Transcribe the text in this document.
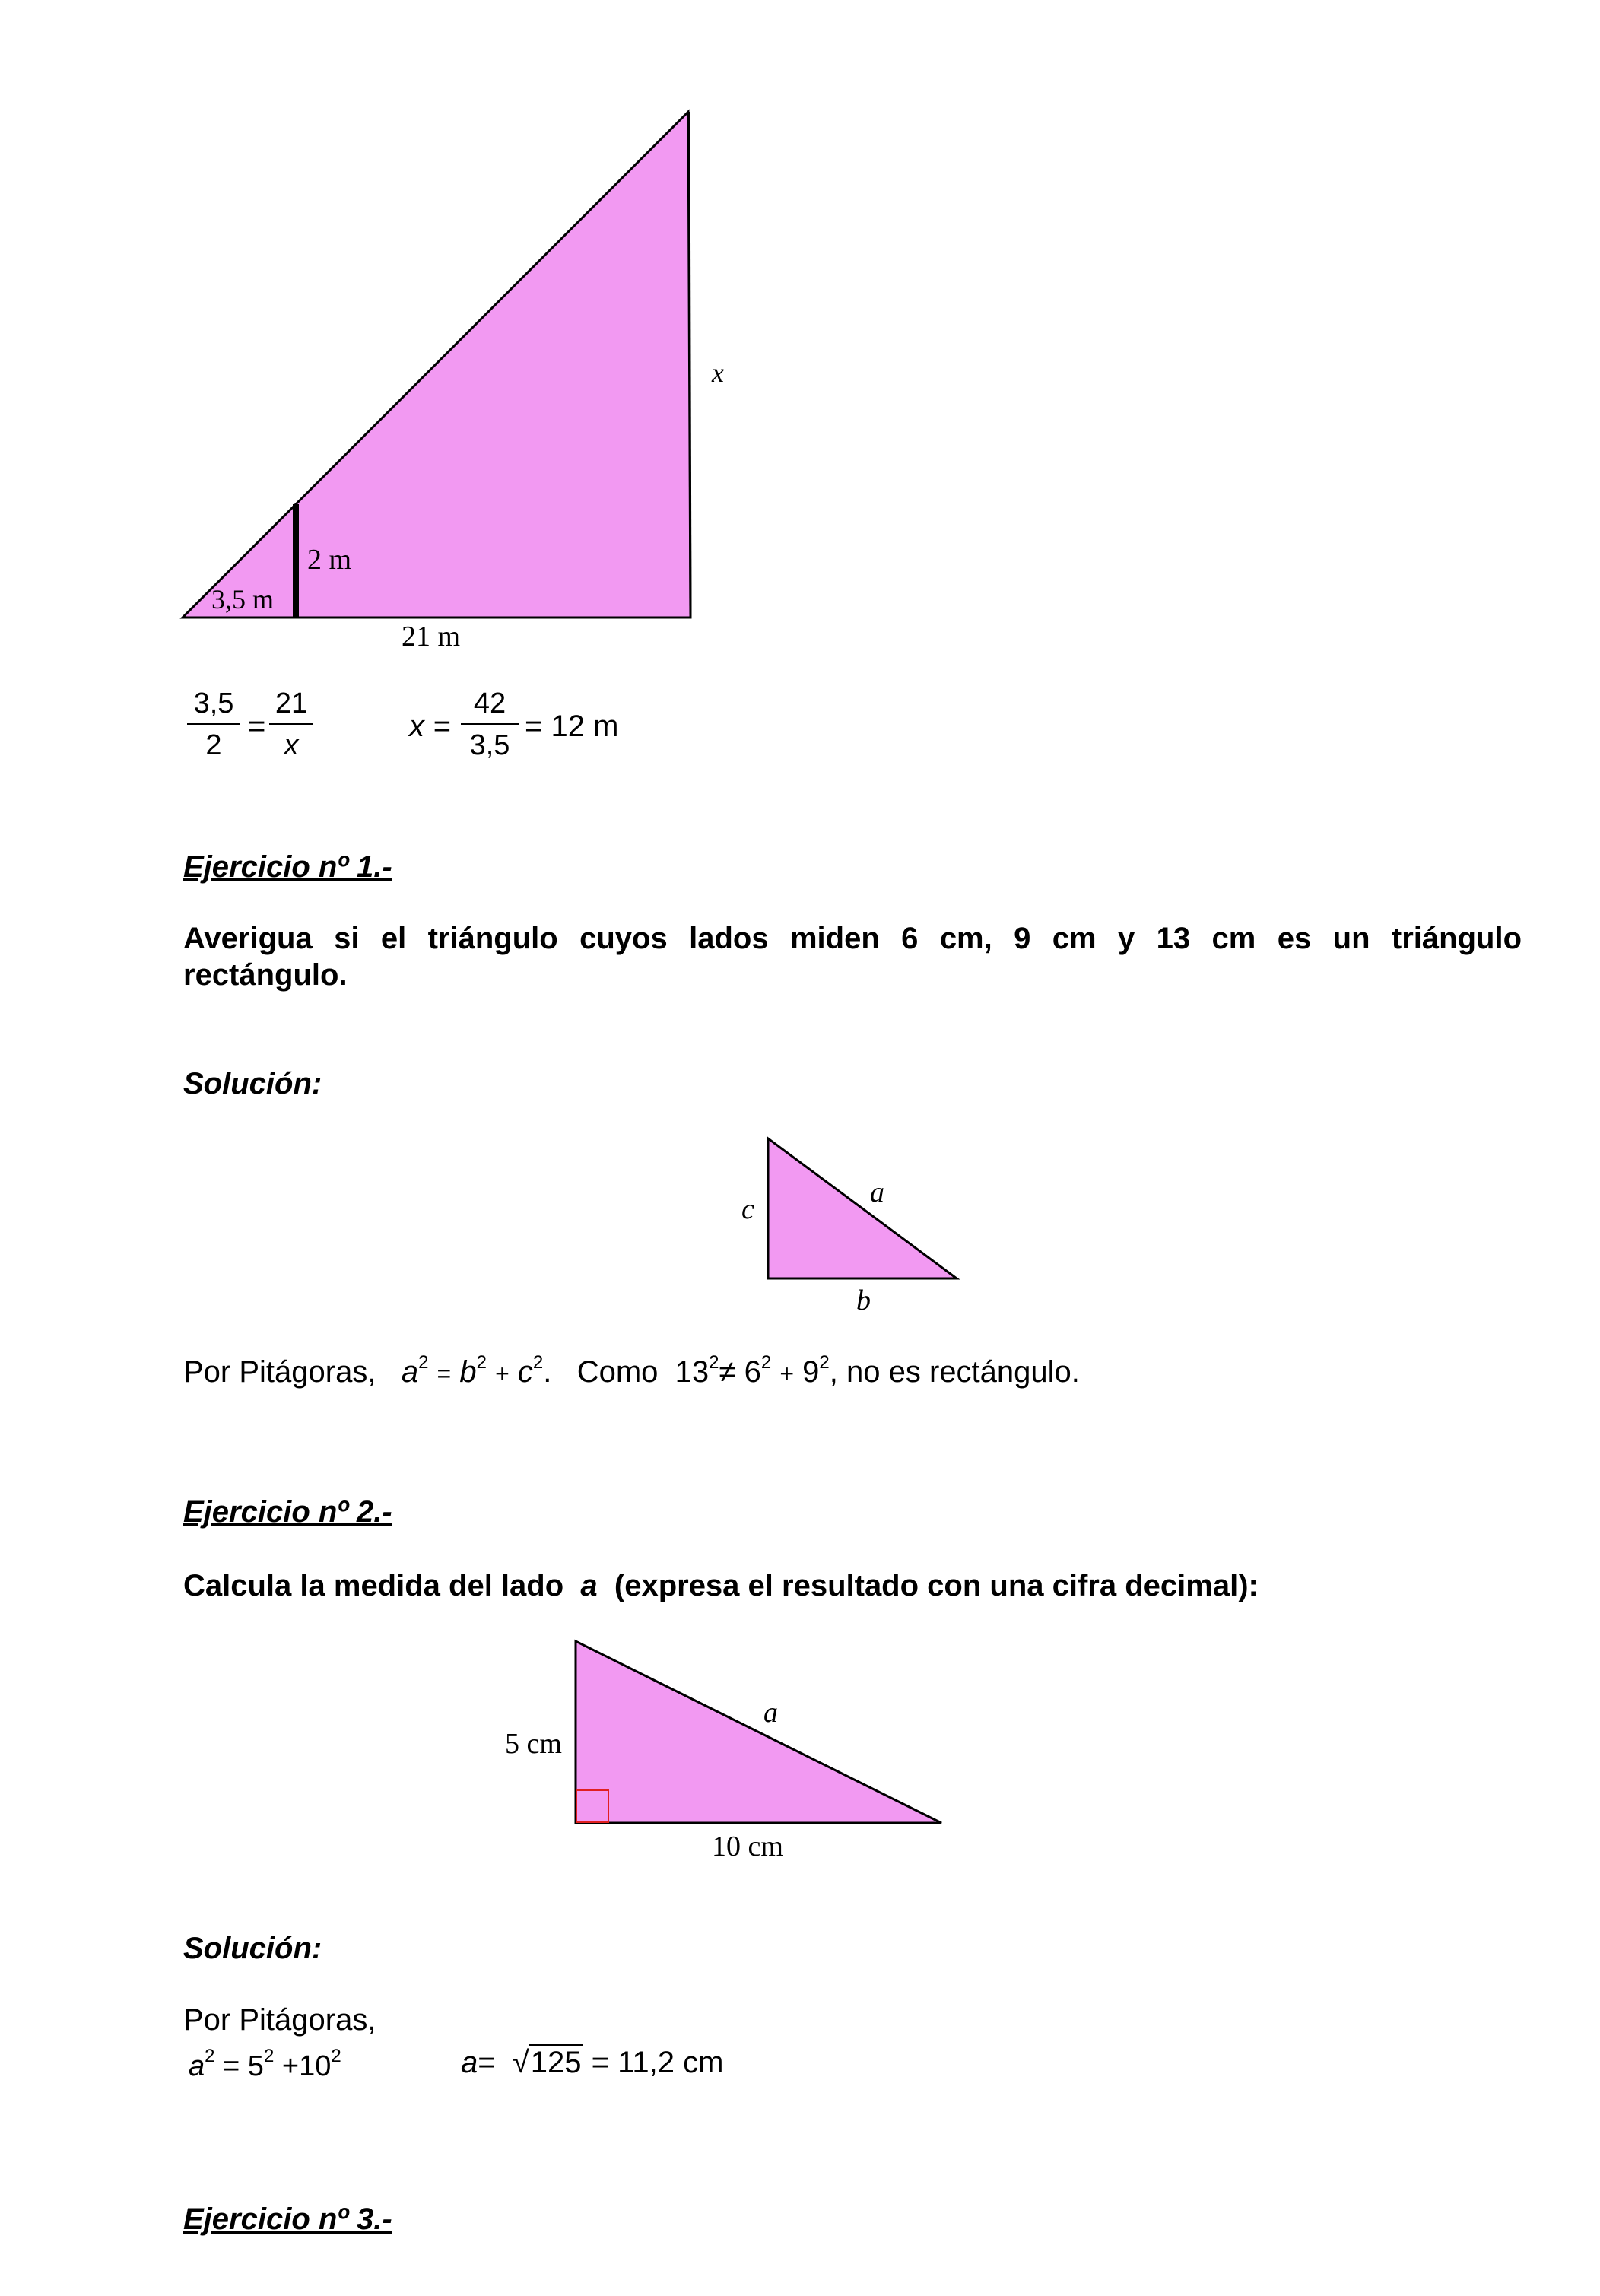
x
2 m
3,5 m
21 m
$\frac{3,5}{2} = \frac{21}{x}$	$x = \frac{42}{3,5} = 12$ m
Ejercicio nº 1.-
Averigua si el triángulo cuyos lados miden 6 cm, 9 cm y 13 cm es un triángulo
rectángulo.
Solución:
c
a
b
Por Pitágoras, $a^2 = b^2 + c^2$.   Como $13^2\ne 6^2 + 9^2$, no es rectángulo.
Ejercicio nº 2.-
Calcula la medida del lado a (expresa el resultado con una cifra decimal):
5 cm
a
10 cm
Solución:
Por Pitágoras,
$a^2 = 5^2 +10^2$	a= √125 = 11,2 cm
Ejercicio nº 3.-
